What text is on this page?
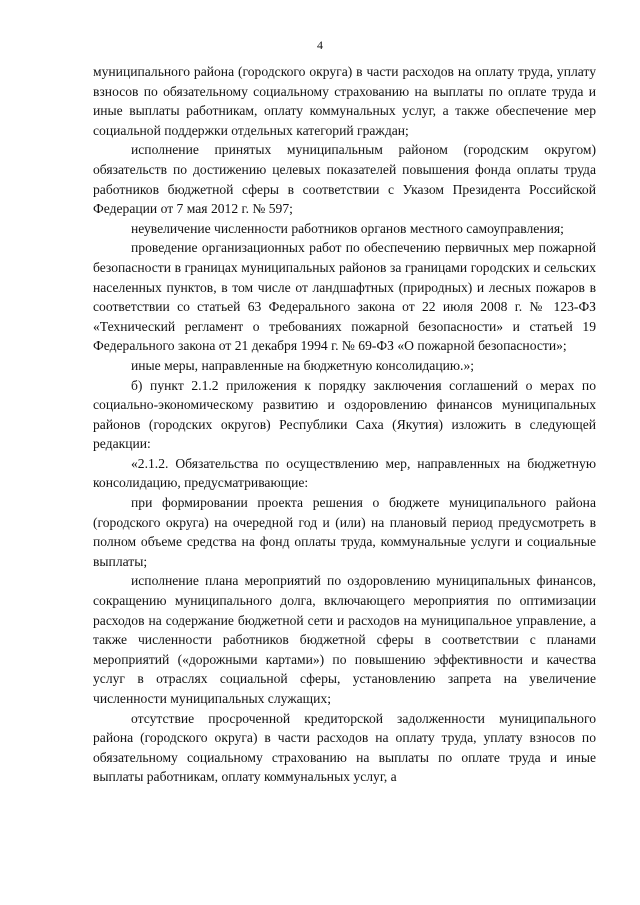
4

муниципального района (городского округа) в части расходов на оплату труда, уплату взносов по обязательному социальному страхованию на выплаты по оплате труда и иные выплаты работникам, оплату коммунальных услуг, а также обеспечение мер социальной поддержки отдельных категорий граждан;

исполнение принятых муниципальным районом (городским округом) обязательств по достижению целевых показателей повышения фонда оплаты труда работников бюджетной сферы в соответствии с Указом Президента Российской Федерации от 7 мая 2012 г. № 597;

неувеличение численности работников органов местного самоуправления;

проведение организационных работ по обеспечению первичных мер пожарной безопасности в границах муниципальных районов за границами городских и сельских населенных пунктов, в том числе от ландшафтных (природных) и лесных пожаров в соответствии со статьей 63 Федерального закона от 22 июля 2008 г. № 123-ФЗ «Технический регламент о требованиях пожарной безопасности» и статьей 19 Федерального закона от 21 декабря 1994 г. № 69-ФЗ «О пожарной безопасности»;

иные меры, направленные на бюджетную консолидацию.»;

б) пункт 2.1.2 приложения к порядку заключения соглашений о мерах по социально-экономическому развитию и оздоровлению финансов муниципальных районов (городских округов) Республики Саха (Якутия) изложить в следующей редакции:

«2.1.2. Обязательства по осуществлению мер, направленных на бюджетную консолидацию, предусматривающие:

при формировании проекта решения о бюджете муниципального района (городского округа) на очередной год и (или) на плановый период предусмотреть в полном объеме средства на фонд оплаты труда, коммунальные услуги и социальные выплаты;

исполнение плана мероприятий по оздоровлению муниципальных финансов, сокращению муниципального долга, включающего мероприятия по оптимизации расходов на содержание бюджетной сети и расходов на муниципальное управление, а также численности работников бюджетной сферы в соответствии с планами мероприятий («дорожными картами») по повышению эффективности и качества услуг в отраслях социальной сферы, установлению запрета на увеличение численности муниципальных служащих;

отсутствие просроченной кредиторской задолженности муниципального района (городского округа) в части расходов на оплату труда, уплату взносов по обязательному социальному страхованию на выплаты по оплате труда и иные выплаты работникам, оплату коммунальных услуг, а
